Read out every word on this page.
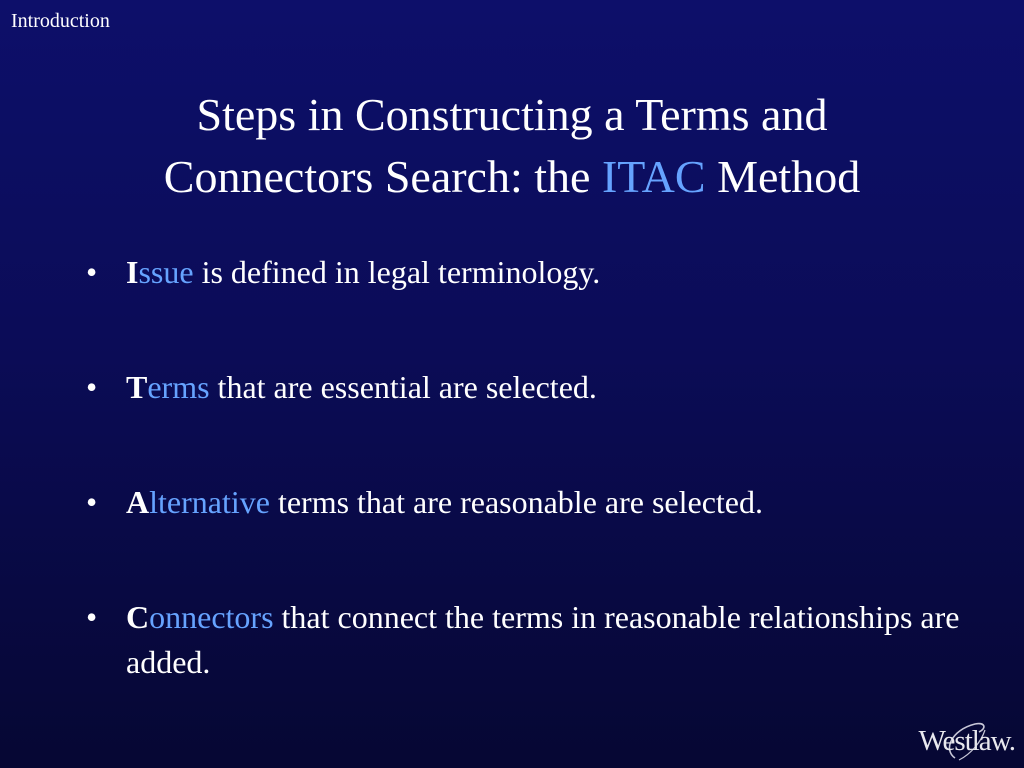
Introduction
Steps in Constructing a Terms and
Connectors Search: the ITAC Method
• Issue is defined in legal terminology.
• Terms that are essential are selected.
• Alternative terms that are reasonable are selected.
• Connectors that connect the terms in reasonable relationships are added.
Westlaw.
